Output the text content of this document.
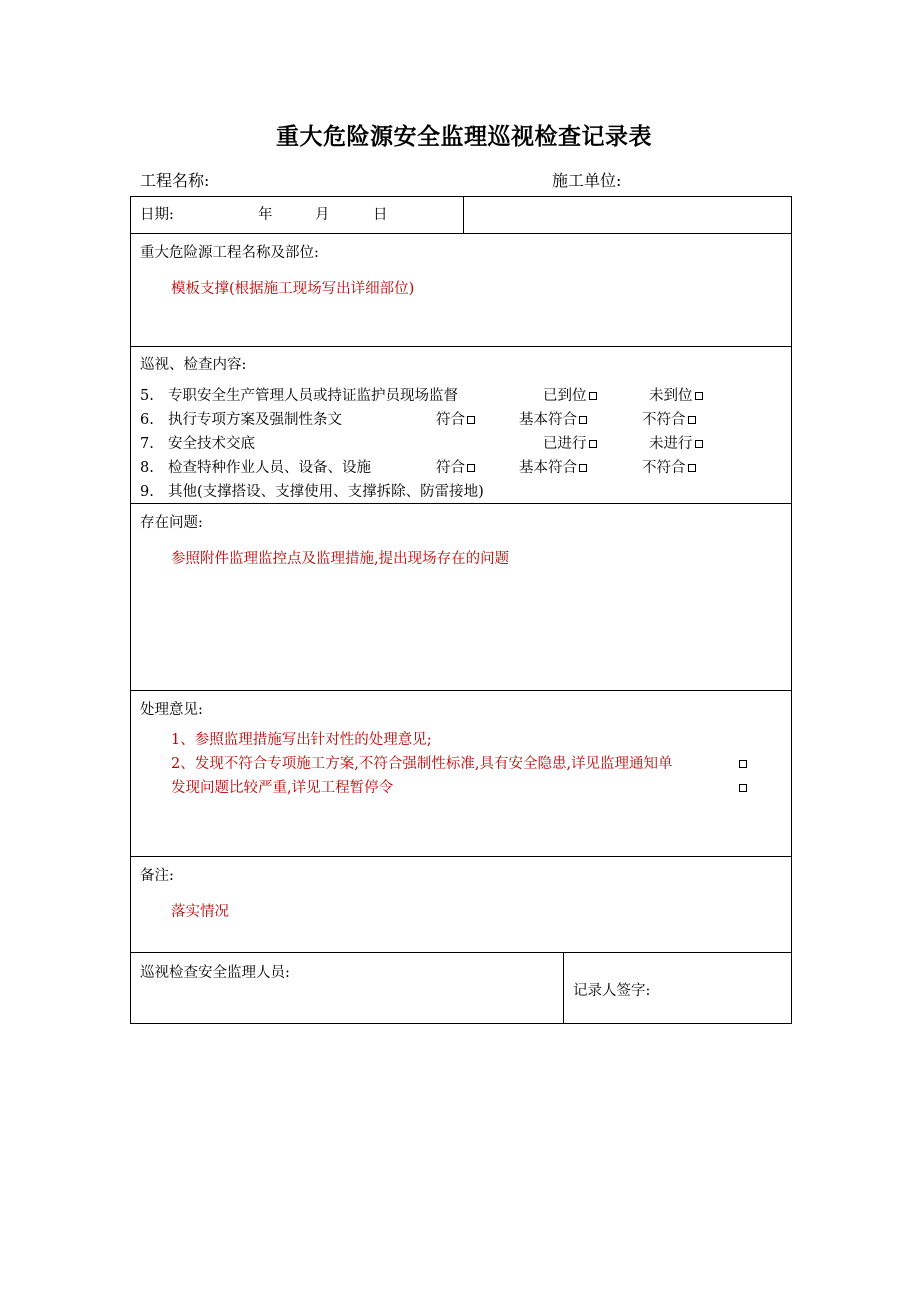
重大危险源安全监理巡视检查记录表
工程名称:	施工单位:
日期:	年	月	日
重大危险源工程名称及部位:
模板支撑(根据施工现场写出详细部位)
巡视、检查内容:
5. 专职安全生产管理人员或持证监护员现场监督	已到位	未到位
6. 执行专项方案及强制性条文	符合	基本符合	不符合
7. 安全技术交底	已进行	未进行
8. 检查特种作业人员、设备、设施	符合	基本符合	不符合
9. 其他(支撑搭设、支撑使用、支撑拆除、防雷接地)
存在问题:
参照附件监理监控点及监理措施,提出现场存在的问题
处理意见:
1、参照监理措施写出针对性的处理意见;
2、发现不符合专项施工方案,不符合强制性标准,具有安全隐患,详见监理通知单
发现问题比较严重,详见工程暂停令
备注:
落实情况
巡视检查安全监理人员:
记录人签字:
